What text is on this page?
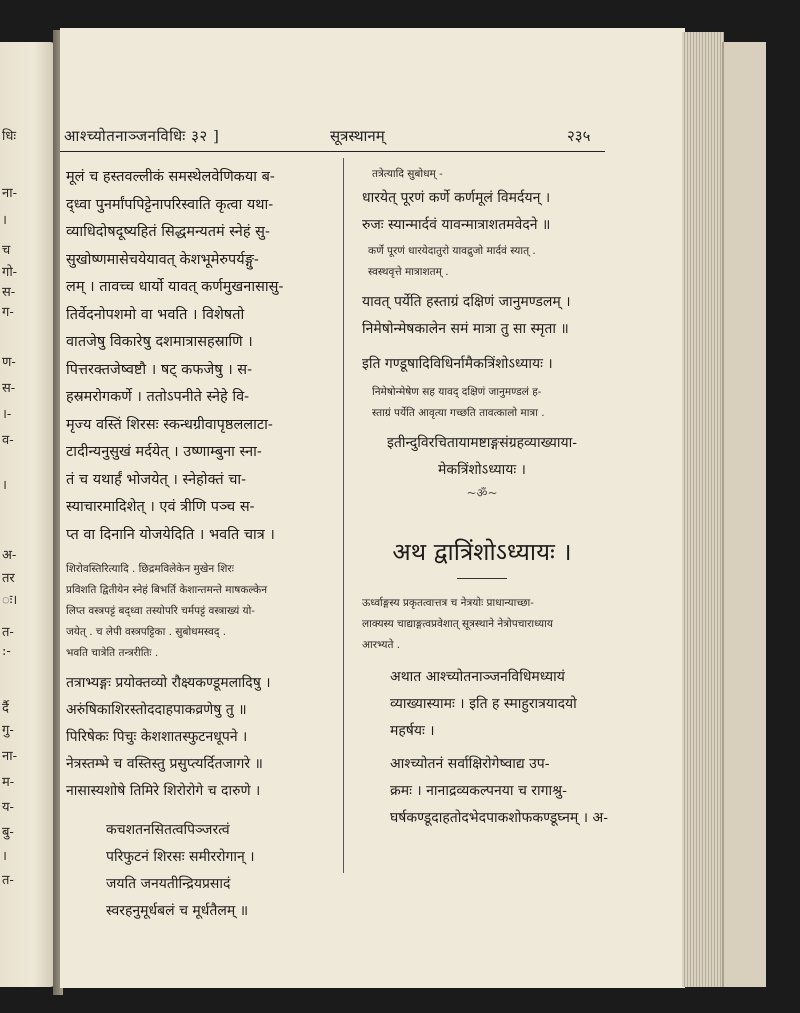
धिः
ना-
।
च
गो-
स-
ग-
ण-
स-
।-
व-
।
अ-
तर
ः।
त-
:-
र्दै
गु-
ना-
म-
य-
बु-
।
त-
आश्च्योतनाञ्जनविधिः ३२ ]	सूत्रस्थानम्	२३५
मूलं च हस्तवल्लीकं समस्थेलवेणिकया ब-
द्ध्वा पुनर्मांपपिट्टेनापरिस्वाति कृत्वा यथा-
व्याधिदोषदूष्यहितं सिद्धमन्यतमं स्नेहं सु-
सुखोष्णमासेचयेयावत् केशभूमेरुपर्यङ्गु-
लम् । तावच्च धार्यो यावत् कर्णमुखनासासु-
तिर्वेदनोपशमो वा भवति । विशेषतो
वातजेषु विकारेषु दशमात्रासहस्राणि ।
पित्तरक्तजेष्वष्टौ । षट् कफजेषु । स-
हस्रमरोगकर्णे । ततोऽपनीते स्नेहे वि-
मृज्य वस्तिं शिरसः स्कन्धग्रीवापृष्ठललाटा-
टादीन्यनुसुखं मर्दयेत् । उष्णाम्बुना स्ना-
तं च यथार्हं भोजयेत् । स्नेहोक्तं चा-
स्याचारमादिशेत् । एवं त्रीणि पञ्च स-
प्त वा दिनानि योजयेदिति । भवति चात्र ।
शिरोवस्तिरित्यादि . छिद्रमविलेकेन मुखेन शिरः
प्रविशति द्वितीयेन स्नेहं बिभर्ति केशान्तमन्ते माषकल्केन
लिप्त वस्त्रपट्टं बद्ध्वा तस्योपरि चर्मपट्टं वस्त्राख्यं यो-
जयेत् . च लेपी वस्त्रपट्टिका . सुबोधमस्वद् .
भवति चात्रेति तन्त्ररीतिः .
तत्राभ्यङ्गः प्रयोक्तव्यो रौक्ष्यकण्डूमलादिषु ।
अरुंषिकाशिरस्तोददाहपाकव्रणेषु तु ॥
पिरिषेकः पिचुः केशशातस्फुटनधूपने ।
नेत्रस्तम्भे च वस्तिस्तु प्रसुप्त्यर्दितजागरे ॥
नासास्यशोषे तिमिरे शिरोरोगे च दारुणे ।
कचशतनसितत्वपिञ्जरत्वं
परिफुटनं शिरसः समीररोगान् ।
जयति जनयतीन्द्रियप्रसादं
स्वरहनुमूर्धबलं च मूर्धतैलम् ॥
तत्रेत्यादि सुबोधम् -
धारयेत् पूरणं कर्णे कर्णमूलं विमर्दयन् ।
रुजः स्यान्मार्दवं यावन्मात्राशतमवेदने ॥
कर्णे पूरणं धारयेदातुरो यावद्रुजो मार्दवं स्यात् .
स्वस्थवृत्ते मात्राशतम् .
यावत् पर्येति हस्ताग्रं दक्षिणं जानुमण्डलम् ।
निमेषोन्मेषकालेन समं मात्रा तु सा स्मृता ॥
इति गण्डूषादिविधिर्नामैकत्रिंशोऽध्यायः ।
निमेषोन्मेषेण सह यावद् दक्षिणं जानुमण्डलं ह-
स्ताग्रं पर्येति आवृत्या गच्छति तावत्कालो मात्रा .
इतीन्दुविरचितायामष्टाङ्गसंग्रहव्याख्याया-
मेकत्रिंशोऽध्यायः ।
~ॐ~
अथ द्वात्रिंशोऽध्यायः ।
ऊर्ध्वाङ्गस्य प्रकृतत्वात्तत्र च नेत्रयोः प्राधान्याच्छा-
लाक्यस्य चाद्याङ्गत्वप्रवेशात् सूत्रस्थाने नेत्रोपचाराध्याय
आरभ्यते .
अथात आश्च्योतनाञ्जनविधिमध्यायं
व्याख्यास्यामः । इति ह स्माहुरात्रयादयो
महर्षयः ।
आश्च्योतनं सर्वाक्षिरोगेष्वाद्य उप-
क्रमः । नानाद्रव्यकल्पनया च रागाश्रु-
घर्षकण्डूदाहतोदभेदपाकशोफकण्डूघ्नम् । अ-
